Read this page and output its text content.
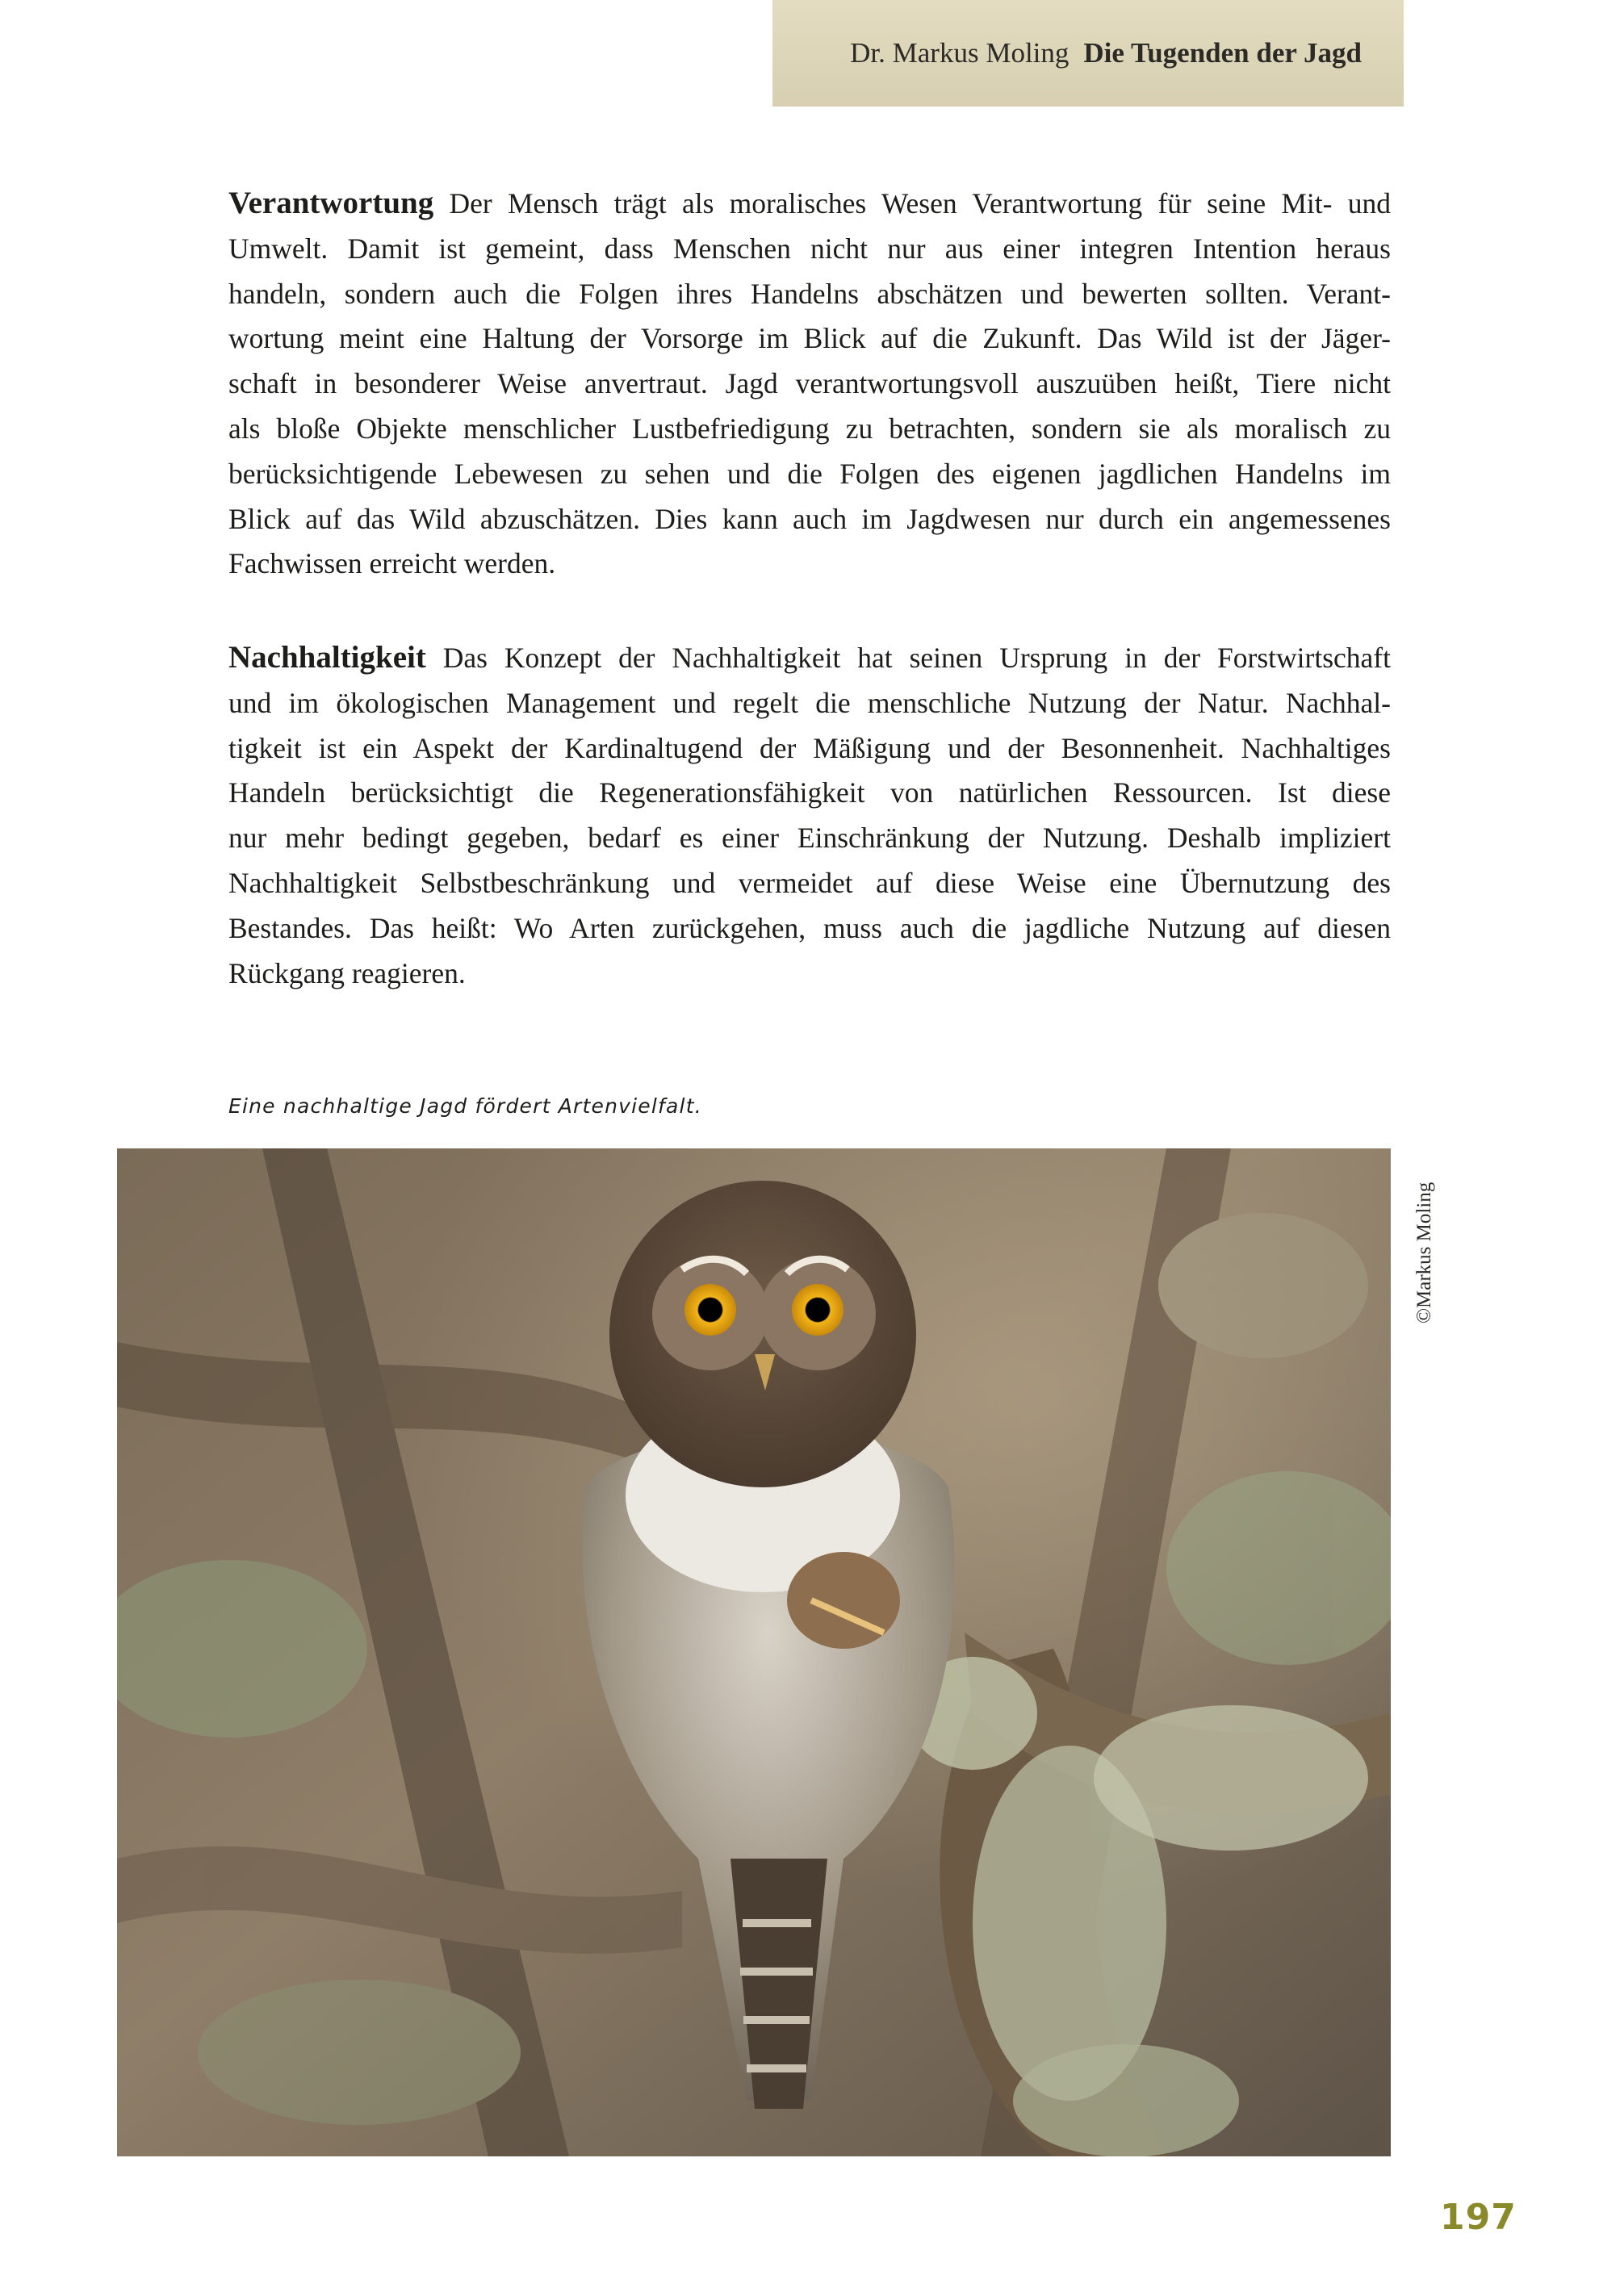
Dr. Markus Moling Die Tugenden der Jagd
Verantwortung Der Mensch trägt als moralisches Wesen Verantwortung für seine Mit- und
Umwelt. Damit ist gemeint, dass Menschen nicht nur aus einer integren Intention heraus
handeln, sondern auch die Folgen ihres Handelns abschätzen und bewerten sollten. Verant-
wortung meint eine Haltung der Vorsorge im Blick auf die Zukunft. Das Wild ist der Jäger-
schaft in besonderer Weise anvertraut. Jagd verantwortungsvoll auszuüben heißt, Tiere nicht
als bloße Objekte menschlicher Lustbefriedigung zu betrachten, sondern sie als moralisch zu
berücksichtigende Lebewesen zu sehen und die Folgen des eigenen jagdlichen Handelns im
Blick auf das Wild abzuschätzen. Dies kann auch im Jagdwesen nur durch ein angemessenes
Fachwissen erreicht werden.
Nachhaltigkeit Das Konzept der Nachhaltigkeit hat seinen Ursprung in der Forstwirtschaft
und im ökologischen Management und regelt die menschliche Nutzung der Natur. Nachhal-
tigkeit ist ein Aspekt der Kardinaltugend der Mäßigung und der Besonnenheit. Nachhaltiges
Handeln berücksichtigt die Regenerationsfähigkeit von natürlichen Ressourcen. Ist diese
nur mehr bedingt gegeben, bedarf es einer Einschränkung der Nutzung. Deshalb impliziert
Nachhaltigkeit Selbstbeschränkung und vermeidet auf diese Weise eine Übernutzung des
Bestandes. Das heißt: Wo Arten zurückgehen, muss auch die jagdliche Nutzung auf diesen
Rückgang reagieren.
Eine nachhaltige Jagd fördert Artenvielfalt.
©Markus Moling
197
